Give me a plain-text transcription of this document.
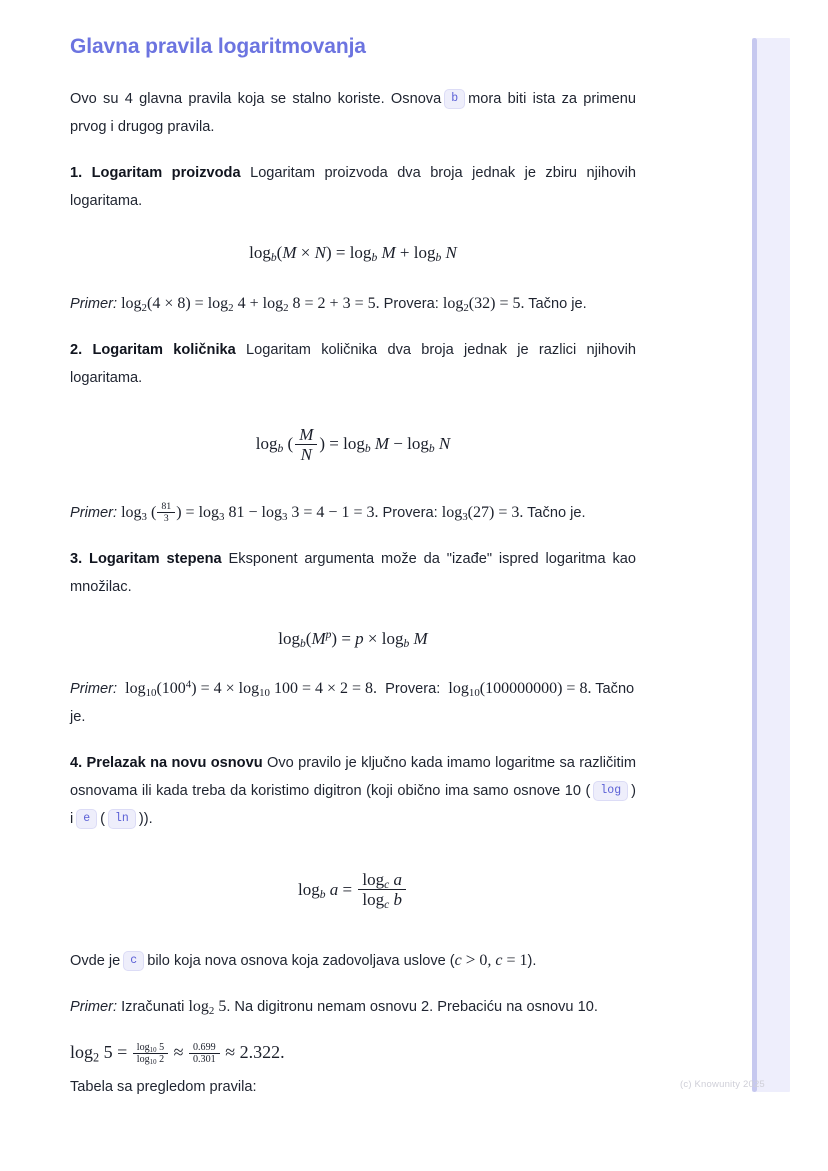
Glavna pravila logaritmovanja

Ovo su 4 glavna pravila koja se stalno koriste. Osnova b mora biti ista za primenu prvog i drugog pravila.

1. Logaritam proizvoda Logaritam proizvoda dva broja jednak je zbiru njihovih logaritama.

$\log_b(M \times N) = \log_b M + \log_b N$

Primer: $\log_2(4 \times 8) = \log_2 4 + \log_2 8 = 2 + 3 = 5$. Provera: $\log_2(32) = 5$. Tačno je.

2. Logaritam količnika Logaritam količnika dva broja jednak je razlici njihovih logaritama.

$\log_b$ ( $\frac{M}{N}$ ) = $\log_b M - \log_b N$

Primer: $\log_3$ ( $\frac{81}{3}$ ) = $\log_3 81 - \log_3 3 = 4 - 1 = 3$. Provera: $\log_3(27) = 3$. Tačno je.

3. Logaritam stepena Eksponent argumenta može da "izađe" ispred logaritma kao množilac.

$\log_b(M^p) = p \times \log_b M$

Primer: $\log_{10}(100^4) = 4 \times \log_{10} 100 = 4 \times 2 = 8$. Provera: $\log_{10}(100000000) = 8$. Tačno je.

4. Prelazak na novu osnovu Ovo pravilo je ključno kada imamo logaritme sa različitim osnovama ili kada treba da koristimo digitron (koji obično ima samo osnove 10 ( log ) i e ( ln )).

$\log_b a = \frac{\log_c a}{\log_c b}$

Ovde je c bilo koja nova osnova koja zadovoljava uslove (c > 0, c = 1).

Primer: Izračunati $\log_2 5$. Na digitronu nemam osnovu 2. Prebaciću na osnovu 10.

$\log_2 5 = \frac{\log_{10} 5}{\log_{10} 2} \approx \frac{0.699}{0.301} \approx 2.322$.

Tabela sa pregledom pravila:	(c) Knowunity 2025
